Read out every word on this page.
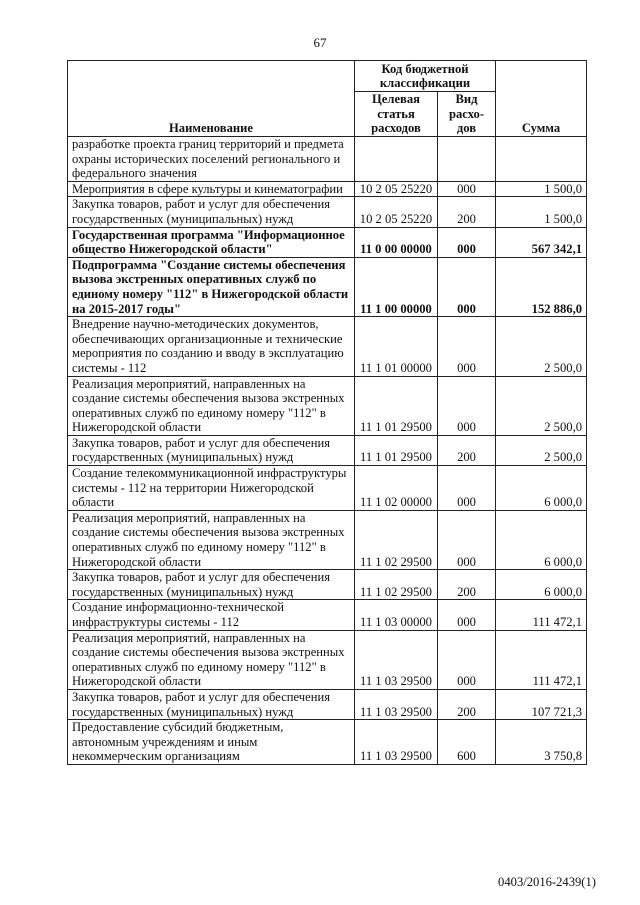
67
Наименование	Код бюджетной классификации		Сумма
	Целевая статья расходов	Вид расхо-дов	
разработке проекта границ территорий и предмета охраны исторических поселений регионального и федерального значения			
Мероприятия в сфере культуры и кинематографии	10 2 05 25220	000	1 500,0
Закупка товаров, работ и услуг для обеспечения государственных (муниципальных) нужд	10 2 05 25220	200	1 500,0
Государственная программа "Информационное общество Нижегородской области"	11 0 00 00000	000	567 342,1
Подпрограмма "Создание системы обеспечения вызова экстренных оперативных служб по единому номеру "112" в Нижегородской области на 2015-2017 годы"	11 1 00 00000	000	152 886,0
Внедрение научно-методических документов, обеспечивающих организационные и технические мероприятия по созданию и вводу в эксплуатацию системы - 112	11 1 01 00000	000	2 500,0
Реализация мероприятий, направленных на создание системы обеспечения вызова экстренных оперативных служб по единому номеру "112" в Нижегородской области	11 1 01 29500	000	2 500,0
Закупка товаров, работ и услуг для обеспечения государственных (муниципальных) нужд	11 1 01 29500	200	2 500,0
Создание телекоммуникационной инфраструктуры системы - 112 на территории Нижегородской области	11 1 02 00000	000	6 000,0
Реализация мероприятий, направленных на создание системы обеспечения вызова экстренных оперативных служб по единому номеру "112" в Нижегородской области	11 1 02 29500	000	6 000,0
Закупка товаров, работ и услуг для обеспечения государственных (муниципальных) нужд	11 1 02 29500	200	6 000,0
Создание информационно-технической инфраструктуры системы - 112	11 1 03 00000	000	111 472,1
Реализация мероприятий, направленных на создание системы обеспечения вызова экстренных оперативных служб по единому номеру "112" в Нижегородской области	11 1 03 29500	000	111 472,1
Закупка товаров, работ и услуг для обеспечения государственных (муниципальных) нужд	11 1 03 29500	200	107 721,3
Предоставление субсидий бюджетным, автономным учреждениям и иным некоммерческим организациям	11 1 03 29500	600	3 750,8
0403/2016-2439(1)
